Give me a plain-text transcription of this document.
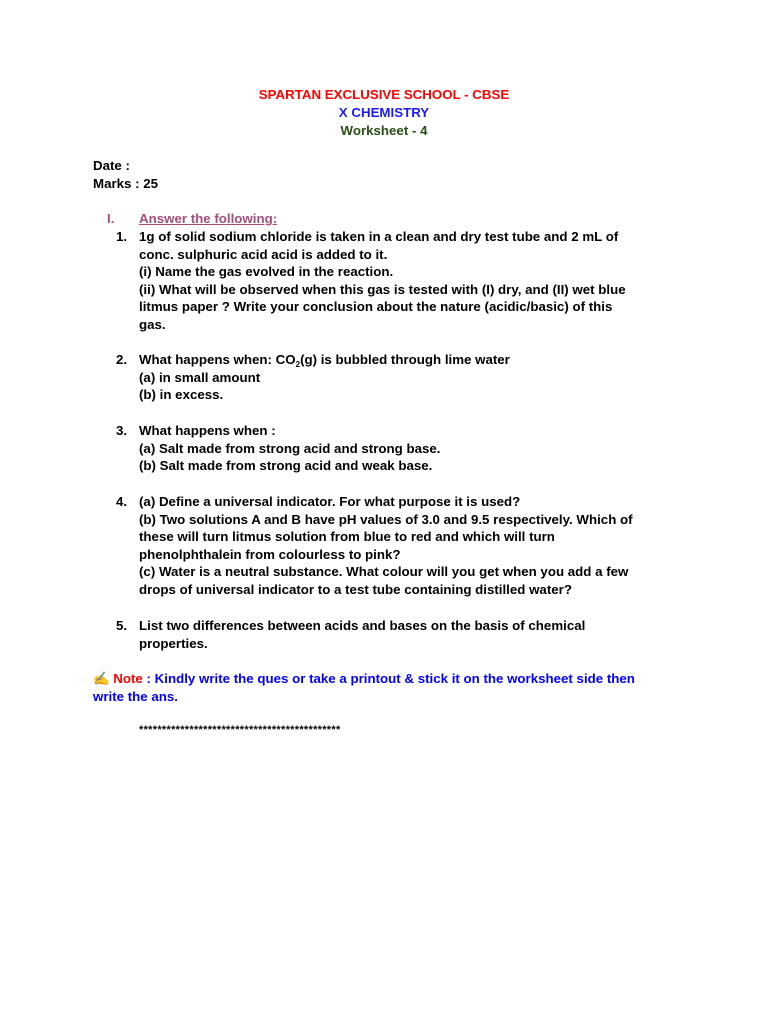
SPARTAN EXCLUSIVE SCHOOL - CBSE
X CHEMISTRY
Worksheet - 4
Date :
Marks : 25
I. Answer the following:
1. 1g of solid sodium chloride is taken in a clean and dry test tube and 2 mL of
conc. sulphuric acid acid is added to it.
(i) Name the gas evolved in the reaction.
(ii) What will be observed when this gas is tested with (I) dry, and (II) wet blue
litmus paper ? Write your conclusion about the nature (acidic/basic) of this
gas.
2. What happens when: $CO_2(g)$ is bubbled through lime water
(a) in small amount
(b) in excess.
3. What happens when :
(a) Salt made from strong acid and strong base.
(b) Salt made from strong acid and weak base.
4. (a) Define a universal indicator. For what purpose it is used?
(b) Two solutions A and B have pH values of 3.0 and 9.5 respectively. Which of
these will turn litmus solution from blue to red and which will turn
phenolphthalein from colourless to pink?
(c) Water is a neutral substance. What colour will you get when you add a few
drops of universal indicator to a test tube containing distilled water?
5. List two differences between acids and bases on the basis of chemical
properties.
✍ Note : Kindly write the ques or take a printout & stick it on the worksheet side then
write the ans.
********************************************
